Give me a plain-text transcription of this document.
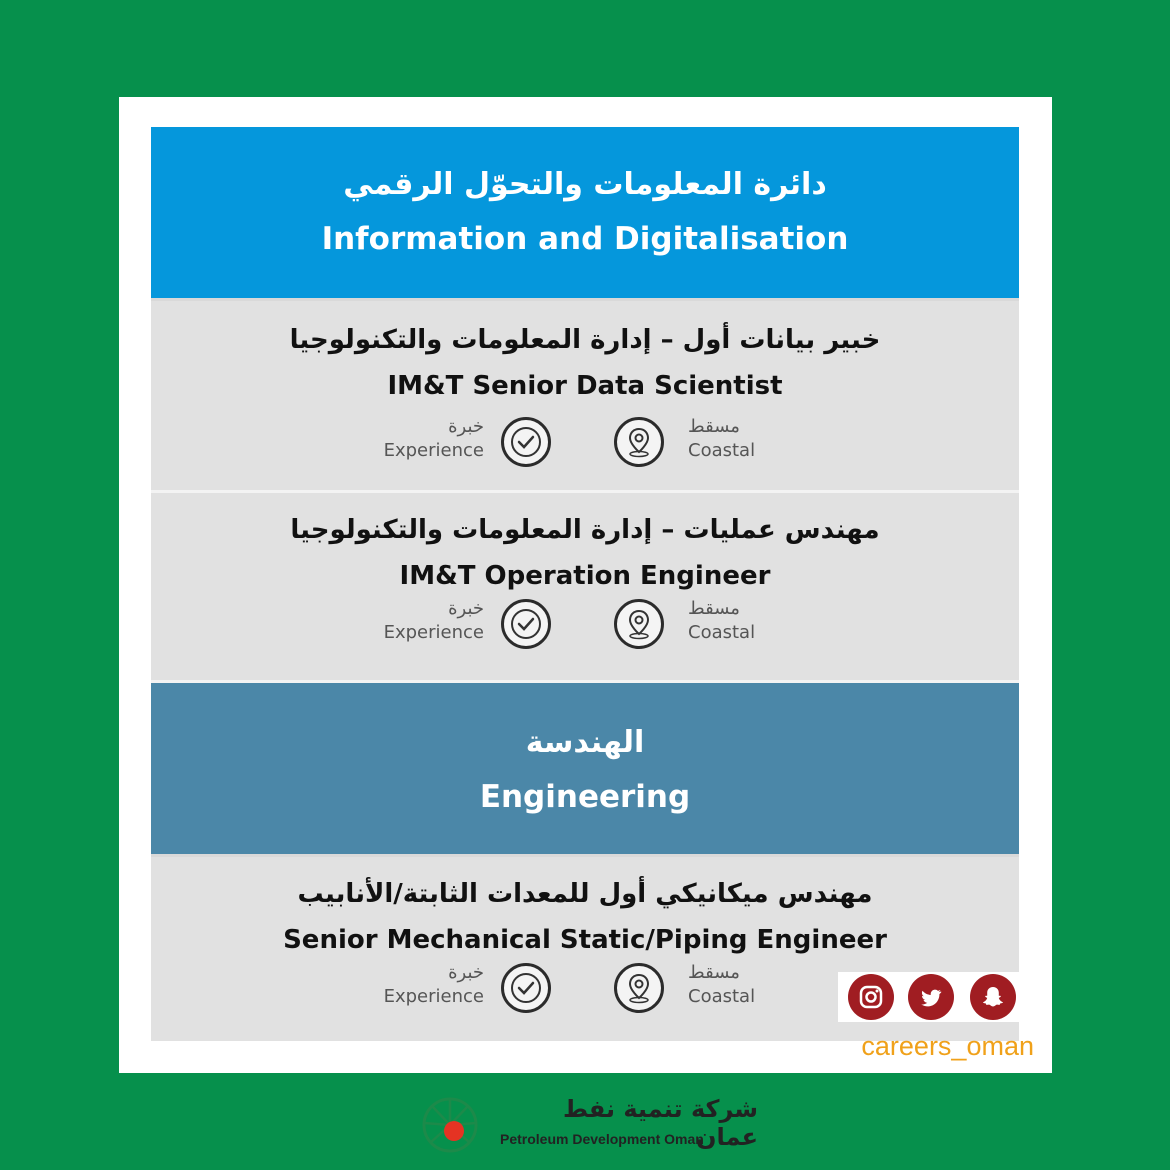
دائرة المعلومات والتحوّل الرقمي
Information and Digitalisation
خبير بيانات أول – إدارة المعلومات والتكنولوجيا
IM&T Senior Data Scientist
خبرة
Experience
مسقط
Coastal
مهندس عمليات – إدارة المعلومات والتكنولوجيا
IM&T Operation Engineer
خبرة
Experience
مسقط
Coastal
الهندسة
Engineering
مهندس ميكانيكي أول للمعدات الثابتة/الأنابيب
Senior Mechanical Static/Piping Engineer
خبرة
Experience
مسقط
Coastal
careers_oman
شركة تنمية نفط عمان
Petroleum Development Oman
